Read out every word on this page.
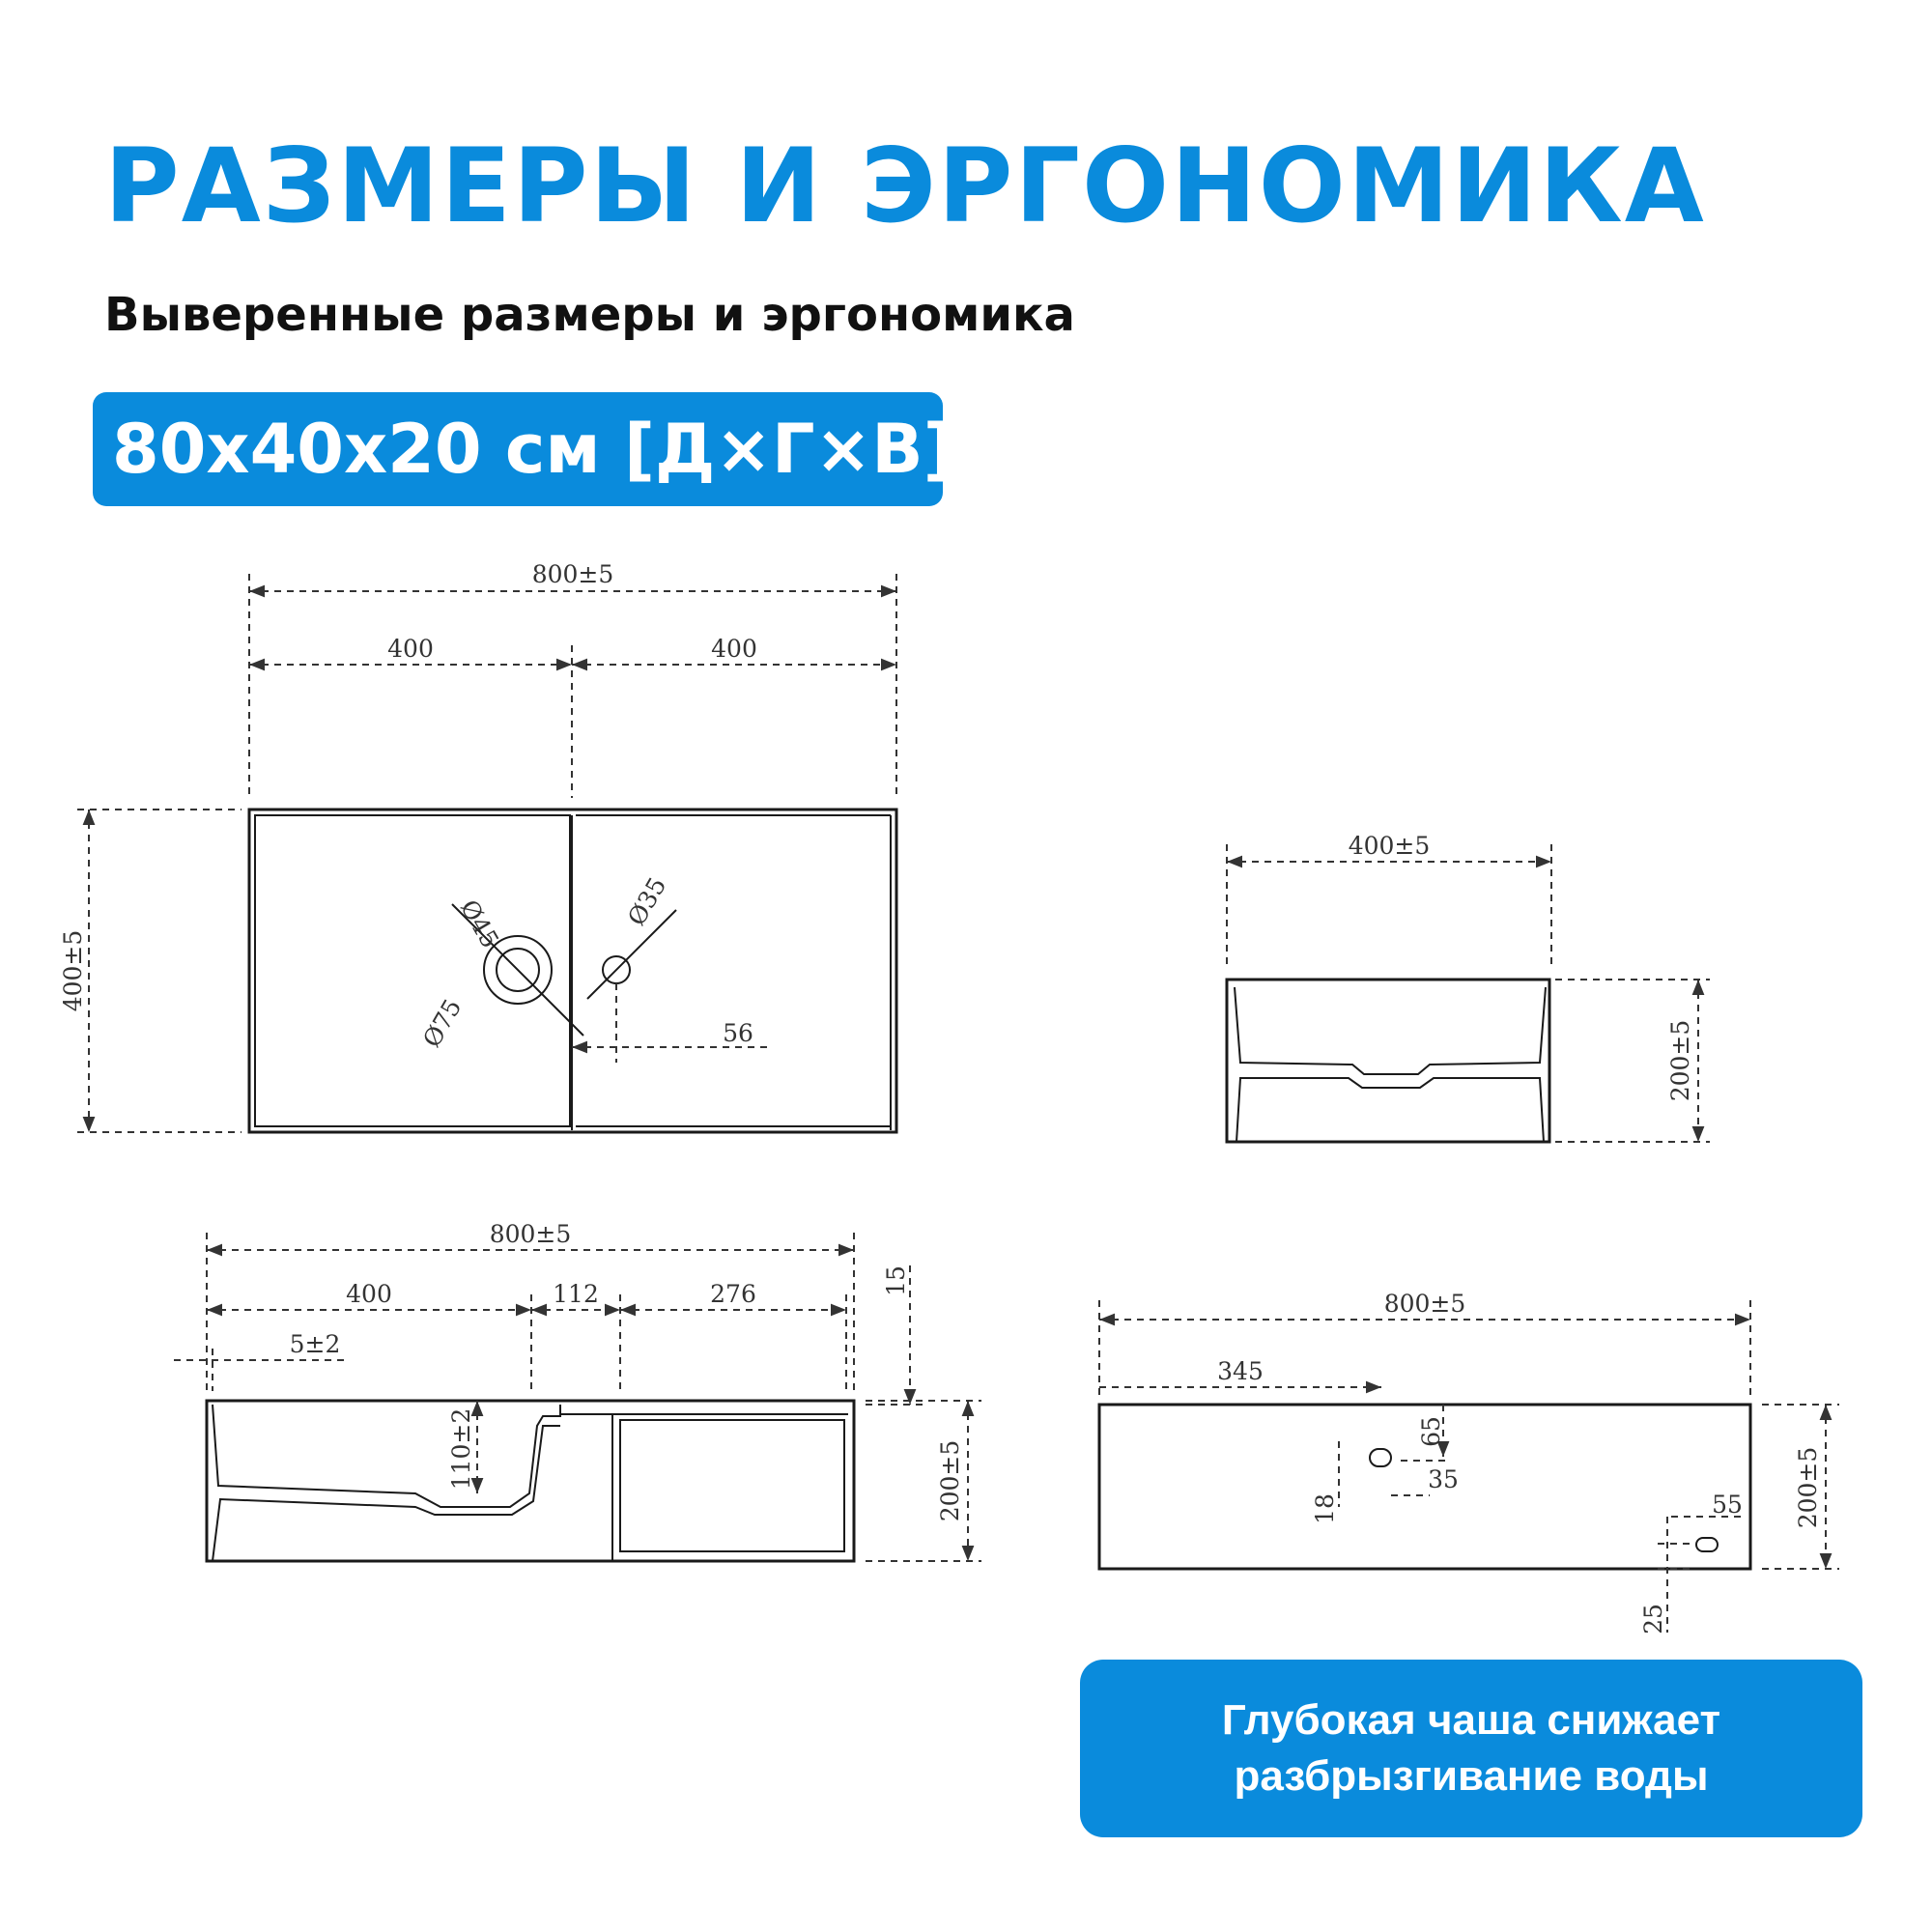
РАЗМЕРЫ И ЭРГОНОМИКА
Выверенные размеры и эргономика
80x40x20 см [Д×Г×В]
800±5
400	400
400±5
Ø45
Ø75
Ø35
56
400±5
200±5
800±5
400	112	276
5±2
15
110±2	200±5
800±5
345
65
35
18	55
25
200±5
Глубокая чаша снижает
разбрызгивание воды
